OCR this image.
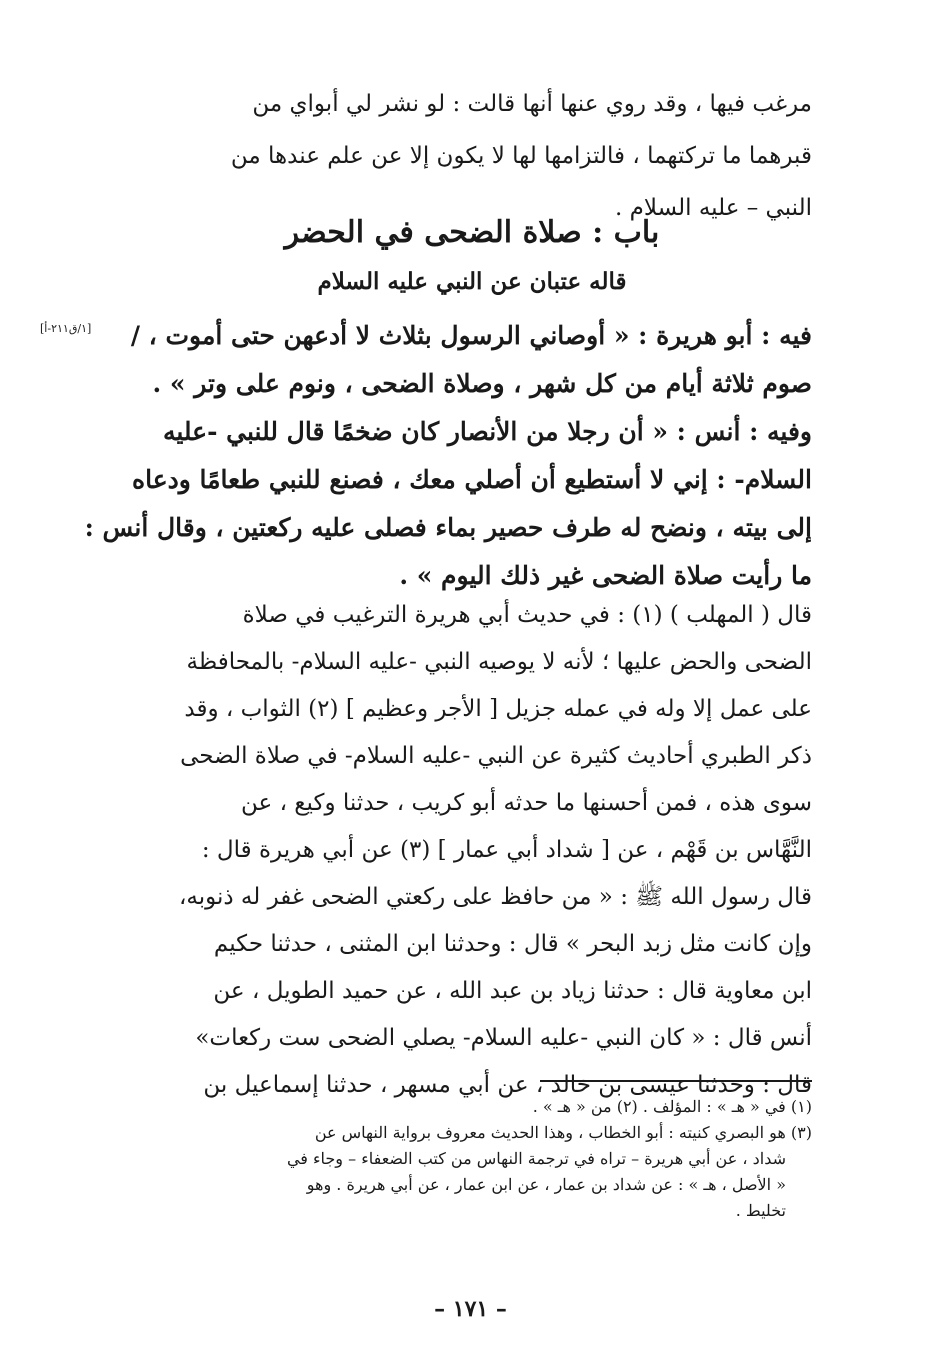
مرغب فيها ، وقد روي عنها أنها قالت : لو نشر لي أبواي من
قبرهما ما تركتهما ، فالتزامها لها لا يكون إلا عن علم عندها من
النبي – عليه السلام .
باب : صلاة الضحى في الحضر
قاله عتبان عن النبي عليه السلام
[١/ق٢١١-أ]	فيه : أبو هريرة : « أوصاني الرسول بثلاث لا أدعهن حتى أموت ، /
صوم ثلاثة أيام من كل شهر ، وصلاة الضحى ، ونوم على وتر » .
وفيه : أنس : « أن رجلا من الأنصار كان ضخمًا قال للنبي -عليه
السلام- : إني لا أستطيع أن أصلي معك ، فصنع للنبي طعامًا ودعاه
إلى بيته ، ونضح له طرف حصير بماء فصلى عليه ركعتين ، وقال أنس :
ما رأيت صلاة الضحى غير ذلك اليوم » .
قال ( المهلب ) (١) : في حديث أبي هريرة الترغيب في صلاة
الضحى والحض عليها ؛ لأنه لا يوصيه النبي -عليه السلام- بالمحافظة
على عمل إلا وله في عمله جزيل [ الأجر وعظيم ] (٢) الثواب ، وقد
ذكر الطبري أحاديث كثيرة عن النبي -عليه السلام- في صلاة الضحى
سوى هذه ، فمن أحسنها ما حدثه أبو كريب ، حدثنا وكيع ، عن
النَّهَّاس بن قَهْم ، عن [ شداد أبي عمار ] (٣) عن أبي هريرة قال :
قال رسول الله ﷺ : « من حافظ على ركعتي الضحى غفر له ذنوبه،
وإن كانت مثل زبد البحر » قال : وحدثنا ابن المثنى ، حدثنا حكيم
ابن معاوية قال : حدثنا زياد بن عبد الله ، عن حميد الطويل ، عن
أنس قال : « كان النبي -عليه السلام- يصلي الضحى ست ركعات»
قال : وحدثنا عيسى بن خالد ، عن أبي مسهر ، حدثنا إسماعيل بن
(١) في « هـ » : المؤلف . (٢) من « هـ » .
(٣) هو البصري كنيته : أبو الخطاب ، وهذا الحديث معروف برواية النهاس عن
شداد ، عن أبي هريرة – تراه في ترجمة النهاس من كتب الضعفاء – وجاء في
« الأصل ، هـ » : عن شداد بن عمار ، عن ابن عمار ، عن أبي هريرة . وهو
تخليط .
– ١٧١ –
